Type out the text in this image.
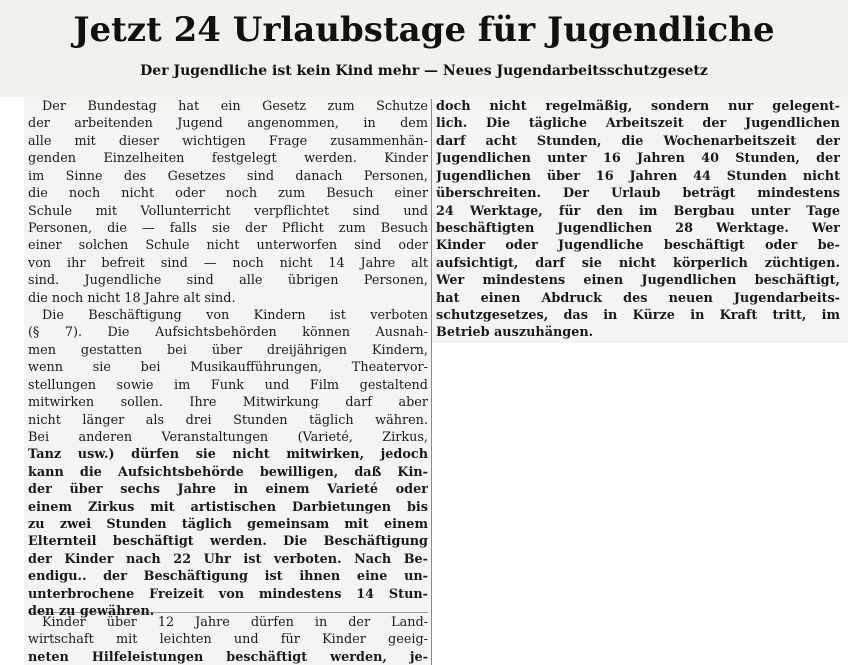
Jetzt 24 Urlaubstage für Jugendliche
Der Jugendliche ist kein Kind mehr — Neues Jugendarbeitsschutzgesetz
Der Bundestag hat ein Gesetz zum Schutze
der arbeitenden Jugend angenommen, in dem
alle mit dieser wichtigen Frage zusammenhän-
genden Einzelheiten festgelegt werden. Kinder
im Sinne des Gesetzes sind danach Personen,
die noch nicht oder noch zum Besuch einer
Schule mit Vollunterricht verpflichtet sind und
Personen, die — falls sie der Pflicht zum Besuch
einer solchen Schule nicht unterworfen sind oder
von ihr befreit sind — noch nicht 14 Jahre alt
sind. Jugendliche sind alle übrigen Personen,
die noch nicht 18 Jahre alt sind.
Die Beschäftigung von Kindern ist verboten
(§ 7). Die Aufsichtsbehörden können Ausnah-
men gestatten bei über dreijährigen Kindern,
wenn sie bei Musikaufführungen, Theatervor-
stellungen sowie im Funk und Film gestaltend
mitwirken sollen. Ihre Mitwirkung darf aber
nicht länger als drei Stunden täglich währen.
Bei anderen Veranstaltungen (Varieté, Zirkus,
Tanz usw.) dürfen sie nicht mitwirken, jedoch
kann die Aufsichtsbehörde bewilligen, daß Kin-
der über sechs Jahre in einem Varieté oder
einem Zirkus mit artistischen Darbietungen bis
zu zwei Stunden täglich gemeinsam mit einem
Elternteil beschäftigt werden. Die Beschäftigung
der Kinder nach 22 Uhr ist verboten. Nach Be-
endigu.. der Beschäftigung ist ihnen eine un-
unterbrochene Freizeit von mindestens 14 Stun-
den zu gewähren.
Kinder über 12 Jahre dürfen in der Land-
wirtschaft mit leichten und für Kinder geeig-
neten Hilfeleistungen beschäftigt werden, je-
doch nicht regelmäßig, sondern nur gelegent-
lich. Die tägliche Arbeitszeit der Jugendlichen
darf acht Stunden, die Wochenarbeitszeit der
Jugendlichen unter 16 Jahren 40 Stunden, der
Jugendlichen über 16 Jahren 44 Stunden nicht
überschreiten. Der Urlaub beträgt mindestens
24 Werktage, für den im Bergbau unter Tage
beschäftigten Jugendlichen 28 Werktage. Wer
Kinder oder Jugendliche beschäftigt oder be-
aufsichtigt, darf sie nicht körperlich züchtigen.
Wer mindestens einen Jugendlichen beschäftigt,
hat einen Abdruck des neuen Jugendarbeits-
schutzgesetzes, das in Kürze in Kraft tritt, im
Betrieb auszuhängen.
